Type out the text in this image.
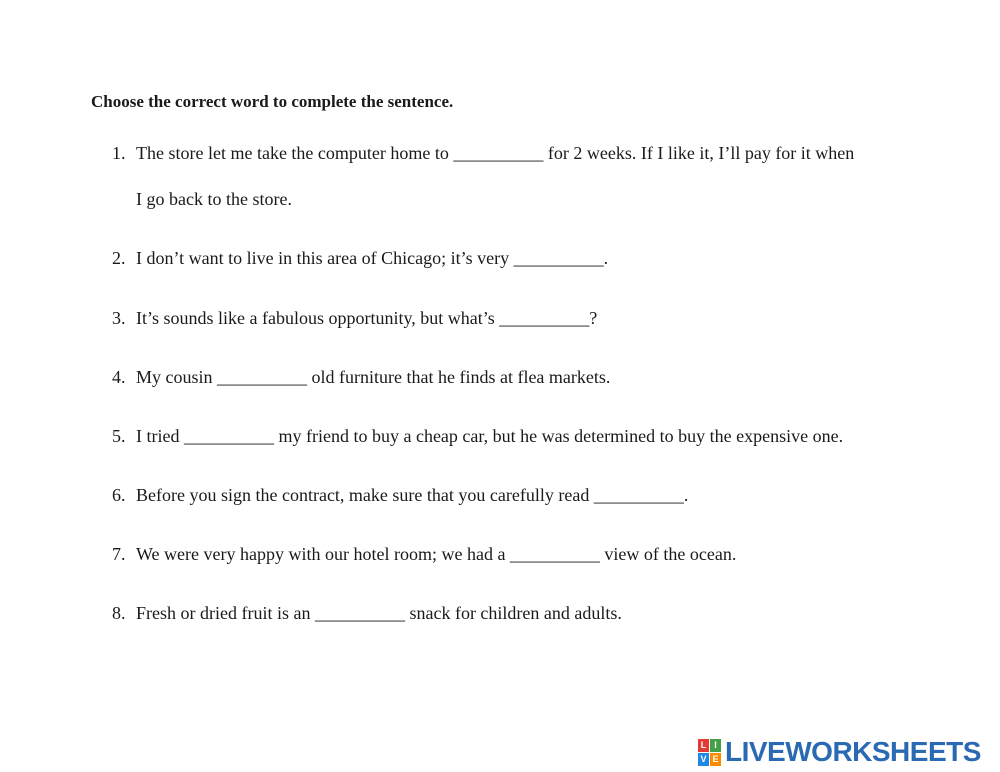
Choose the correct word to complete the sentence.
1. The store let me take the computer home to __________ for 2 weeks. If I like it, I’ll pay for it when
I go back to the store.
2. I don’t want to live in this area of Chicago; it’s very __________.
3. It’s sounds like a fabulous opportunity, but what’s __________?
4. My cousin __________ old furniture that he finds at flea markets.
5. I tried __________ my friend to buy a cheap car, but he was determined to buy the expensive one.
6. Before you sign the contract, make sure that you carefully read __________.
7. We were very happy with our hotel room; we had a __________ view of the ocean.
8. Fresh or dried fruit is an __________ snack for children and adults.
L I
V E LIVEWORKSHEETS
